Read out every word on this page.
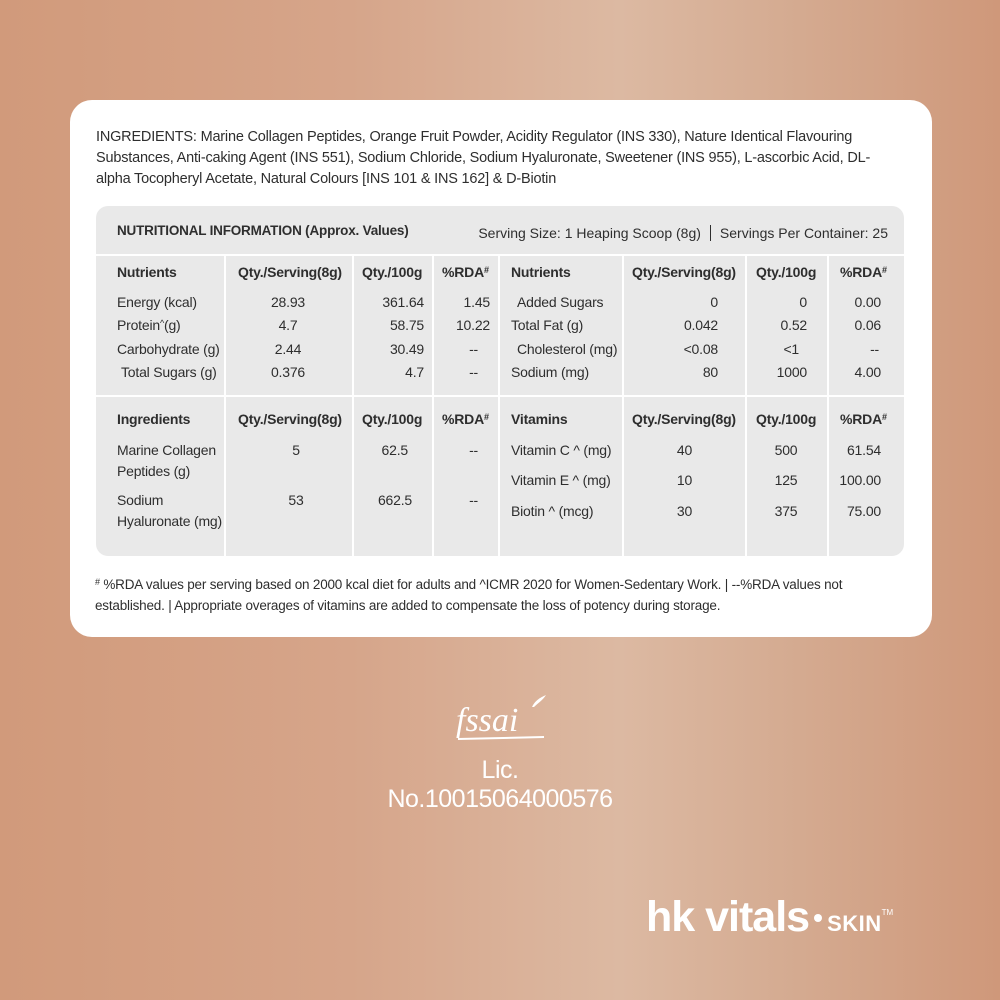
INGREDIENTS: Marine Collagen Peptides, Orange Fruit Powder, Acidity Regulator (INS 330), Nature Identical Flavouring Substances, Anti-caking Agent (INS 551), Sodium Chloride, Sodium Hyaluronate, Sweetener (INS 955), L-ascorbic Acid, DL-alpha Tocopheryl Acetate, Natural Colours [INS 101 & INS 162] & D-Biotin
NUTRITIONAL INFORMATION (Approx. Values)	Serving Size: 1 Heaping Scoop (8g) Servings Per Container: 25
Nutrients	Qty./Serving(8g) Qty./100g %RDA# Nutrients	Qty./Serving(8g) Qty./100g %RDA#
Energy (kcal)	28.93	361.64	1.45
Protein^(g)	4.7	58.75	10.22
Carbohydrate (g)	2.44	30.49	--
Total Sugars (g)	0.376	4.7	--
Added Sugars	0	0	0.00
Total Fat (g)	0.042	0.52	0.06
Cholesterol (mg)	<0.08	<1	--
Sodium (mg)	80	1000	4.00
Ingredients	Qty./Serving(8g) Qty./100g %RDA# Vitamins	Qty./Serving(8g) Qty./100g %RDA#
Marine Collagen
Peptides (g)
5	62.5	--
Sodium
Hyaluronate (mg)
53	662.5	--
Vitamin C ^ (mg)	40	500	61.54
Vitamin E ^ (mg)	10	125	100.00
Biotin ^ (mcg)	30	375	75.00
# %RDA values per serving based on 2000 kcal diet for adults and ^ICMR 2020 for Women-Sedentary Work. | --%RDA values not established. | Appropriate overages of vitamins are added to compensate the loss of potency during storage.
fssai
Lic. No.10015064000576
hk vitals SKIN™
